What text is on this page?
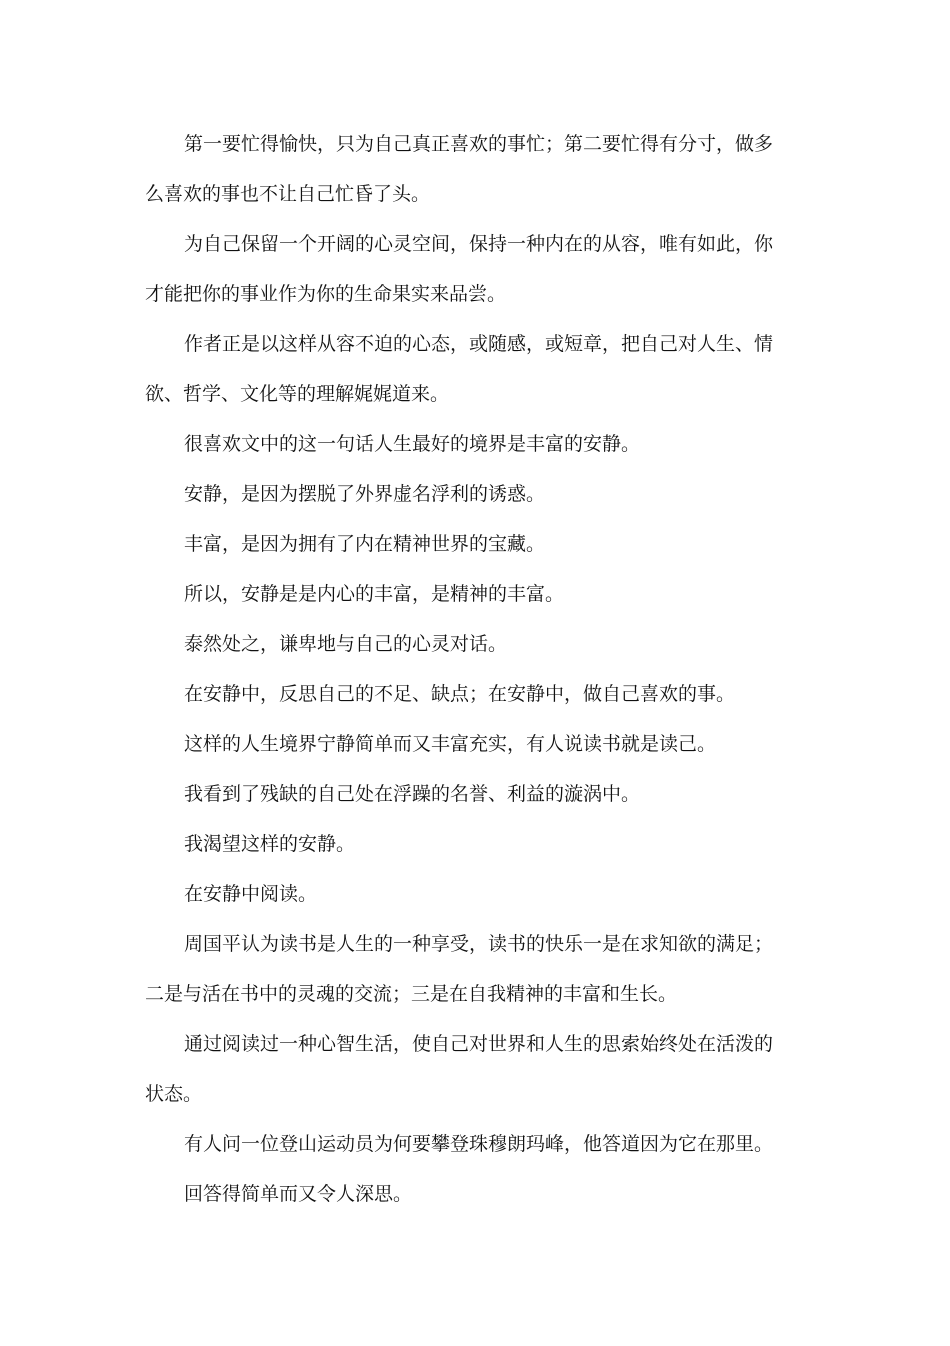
第一要忙得愉快，只为自己真正喜欢的事忙；第二要忙得有分寸，做多么喜欢的事也不让自己忙昏了头。

为自己保留一个开阔的心灵空间，保持一种内在的从容，唯有如此，你才能把你的事业作为你的生命果实来品尝。

作者正是以这样从容不迫的心态，或随感，或短章，把自己对人生、情欲、哲学、文化等的理解娓娓道来。

很喜欢文中的这一句话人生最好的境界是丰富的安静。

安静，是因为摆脱了外界虚名浮利的诱惑。

丰富，是因为拥有了内在精神世界的宝藏。

所以，安静是是内心的丰富，是精神的丰富。

泰然处之，谦卑地与自己的心灵对话。

在安静中，反思自己的不足、缺点；在安静中，做自己喜欢的事。

这样的人生境界宁静简单而又丰富充实，有人说读书就是读己。

我看到了残缺的自己处在浮躁的名誉、利益的漩涡中。

我渴望这样的安静。

在安静中阅读。

周国平认为读书是人生的一种享受，读书的快乐一是在求知欲的满足；二是与活在书中的灵魂的交流；三是在自我精神的丰富和生长。

通过阅读过一种心智生活，使自己对世界和人生的思索始终处在活泼的状态。

有人问一位登山运动员为何要攀登珠穆朗玛峰，他答道因为它在那里。

回答得简单而又令人深思。
